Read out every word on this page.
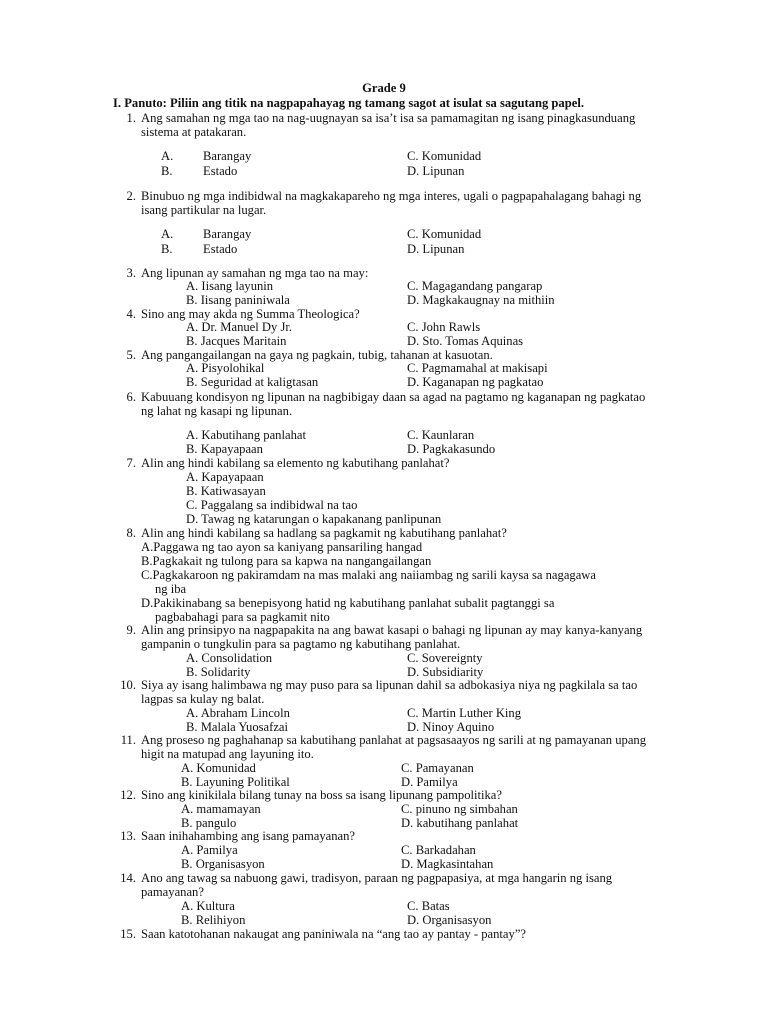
Grade 9
I. Panuto: Piliin ang titik na nagpapahayag ng tamang sagot at isulat sa sagutang papel.
1. Ang samahan ng mga tao na nag-uugnayan sa isa’t isa sa pamamagitan ng isang pinagkasunduang sistema at patakaran.
A. Barangay
B. Estado
C. Komunidad
D. Lipunan
2. Binubuo ng mga indibidwal na magkakapareho ng mga interes, ugali o pagpapahalagang bahagi ng isang partikular na lugar.
A. Barangay
B. Estado
C. Komunidad
D. Lipunan
3. Ang lipunan ay samahan ng mga tao na may:
A. Iisang layunin
B. Iisang paniniwala
C. Magagandang pangarap
D. Magkakaugnay na mithiin
4. Sino ang may akda ng Summa Theologica?
A. Dr. Manuel Dy Jr.
B. Jacques Maritain
C. John Rawls
D. Sto. Tomas Aquinas
5. Ang pangangailangan na gaya ng pagkain, tubig, tahanan at kasuotan.
A. Pisyolohikal
B. Seguridad at kaligtasan
C. Pagmamahal at makisapi
D. Kaganapan ng pagkatao
6. Kabuuang kondisyon ng lipunan na nagbibigay daan sa agad na pagtamo ng kaganapan ng pagkatao ng lahat ng kasapi ng lipunan.
A. Kabutihang panlahat
B. Kapayapaan
C. Kaunlaran
D. Pagkakasundo
7. Alin ang hindi kabilang sa elemento ng kabutihang panlahat?
A. Kapayapaan
B. Katiwasayan
C. Paggalang sa indibidwal na tao
D. Tawag ng katarungan o kapakanang panlipunan
8. Alin ang hindi kabilang sa hadlang sa pagkamit ng kabutihang panlahat?
A.Paggawa ng tao ayon sa kaniyang pansariling hangad
B.Pagkakait ng tulong para sa kapwa na nangangailangan
C.Pagkakaroon ng pakiramdam na mas malaki ang naiiambag ng sarili kaysa sa nagagawa
ng iba
D.Pakikinabang sa benepisyong hatid ng kabutihang panlahat subalit pagtanggi sa
pagbabahagi para sa pagkamit nito
9. Alin ang prinsipyo na nagpapakita na ang bawat kasapi o bahagi ng lipunan ay may kanya-kanyang gampanin o tungkulin para sa pagtamo ng kabutihang panlahat.
A. Consolidation
B. Solidarity
C. Sovereignty
D. Subsidiarity
10. Siya ay isang halimbawa ng may puso para sa lipunan dahil sa adbokasiya niya ng pagkilala sa tao lagpas sa kulay ng balat.
A. Abraham Lincoln
B. Malala Yuosafzai
C. Martin Luther King
D. Ninoy Aquino
11. Ang proseso ng paghahanap sa kabutihang panlahat at pagsasaayos ng sarili at ng pamayanan upang higit na matupad ang layuning ito.
A. Komunidad
B. Layuning Politikal
C. Pamayanan
D. Pamilya
12. Sino ang kinikilala bilang tunay na boss sa isang lipunang pampolitika?
A. mamamayan
B. pangulo
C. pinuno ng simbahan
D. kabutihang panlahat
13. Saan inihahambing ang isang pamayanan?
A. Pamilya
B. Organisasyon
C. Barkadahan
D. Magkasintahan
14. Ano ang tawag sa nabuong gawi, tradisyon, paraan ng pagpapasiya, at mga hangarin ng isang pamayanan?
A. Kultura
B. Relihiyon
C. Batas
D. Organisasyon
15. Saan katotohanan nakaugat ang paniniwala na “ang tao ay pantay - pantay”?
